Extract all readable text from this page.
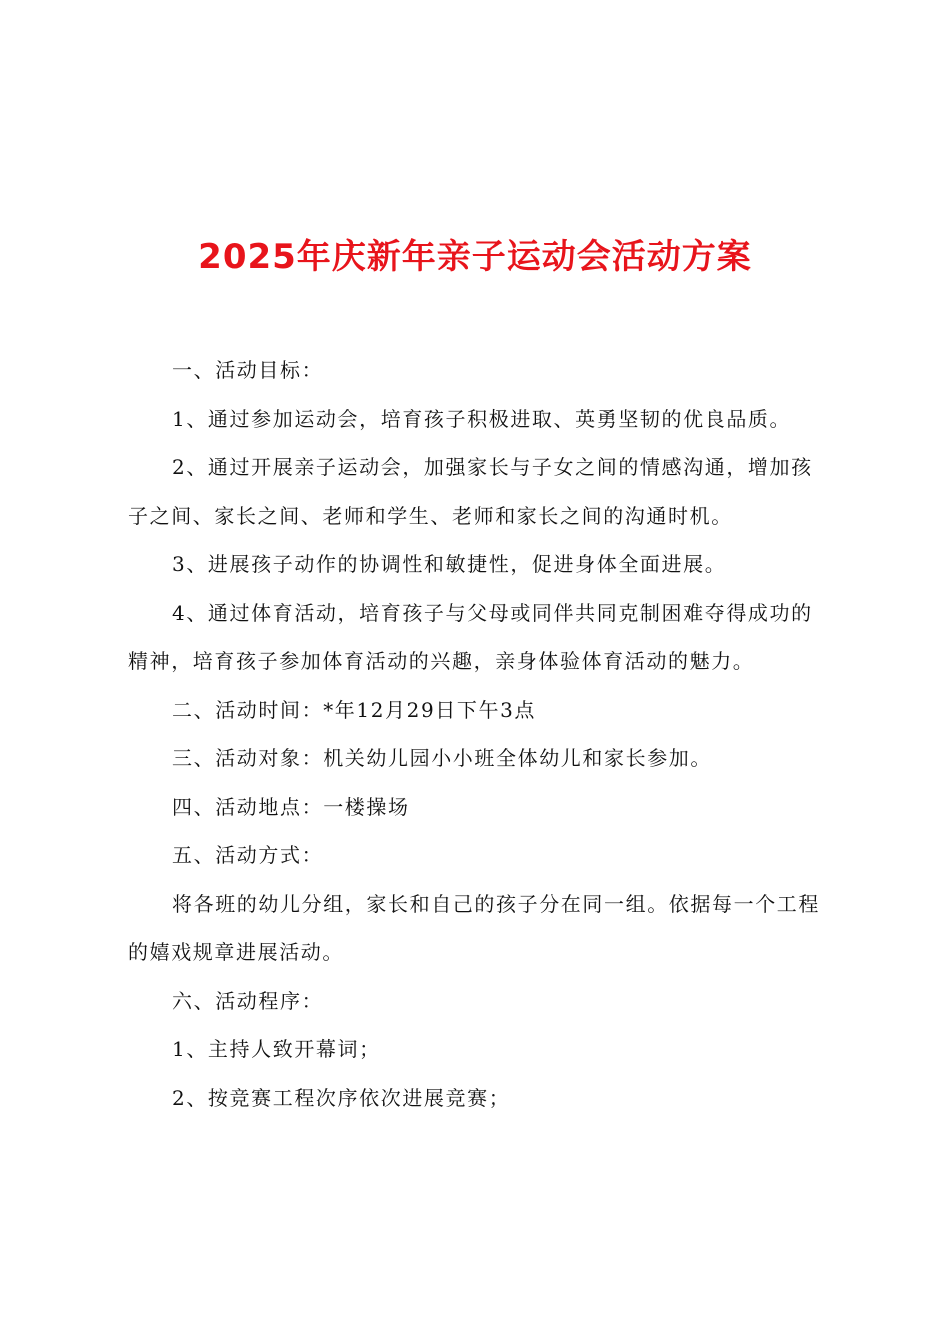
2025年庆新年亲子运动会活动方案

一、活动目标：

1、通过参加运动会，培育孩子积极进取、英勇坚韧的优良品质。

2、通过开展亲子运动会，加强家长与子女之间的情感沟通，增加孩子之间、家长之间、老师和学生、老师和家长之间的沟通时机。

3、进展孩子动作的协调性和敏捷性，促进身体全面进展。

4、通过体育活动，培育孩子与父母或同伴共同克制困难夺得成功的精神，培育孩子参加体育活动的兴趣，亲身体验体育活动的魅力。

二、活动时间：*年12月29日下午3点

三、活动对象：机关幼儿园小小班全体幼儿和家长参加。

四、活动地点：一楼操场

五、活动方式：

将各班的幼儿分组，家长和自己的孩子分在同一组。依据每一个工程的嬉戏规章进展活动。

六、活动程序：

1、主持人致开幕词；

2、按竞赛工程次序依次进展竞赛；
